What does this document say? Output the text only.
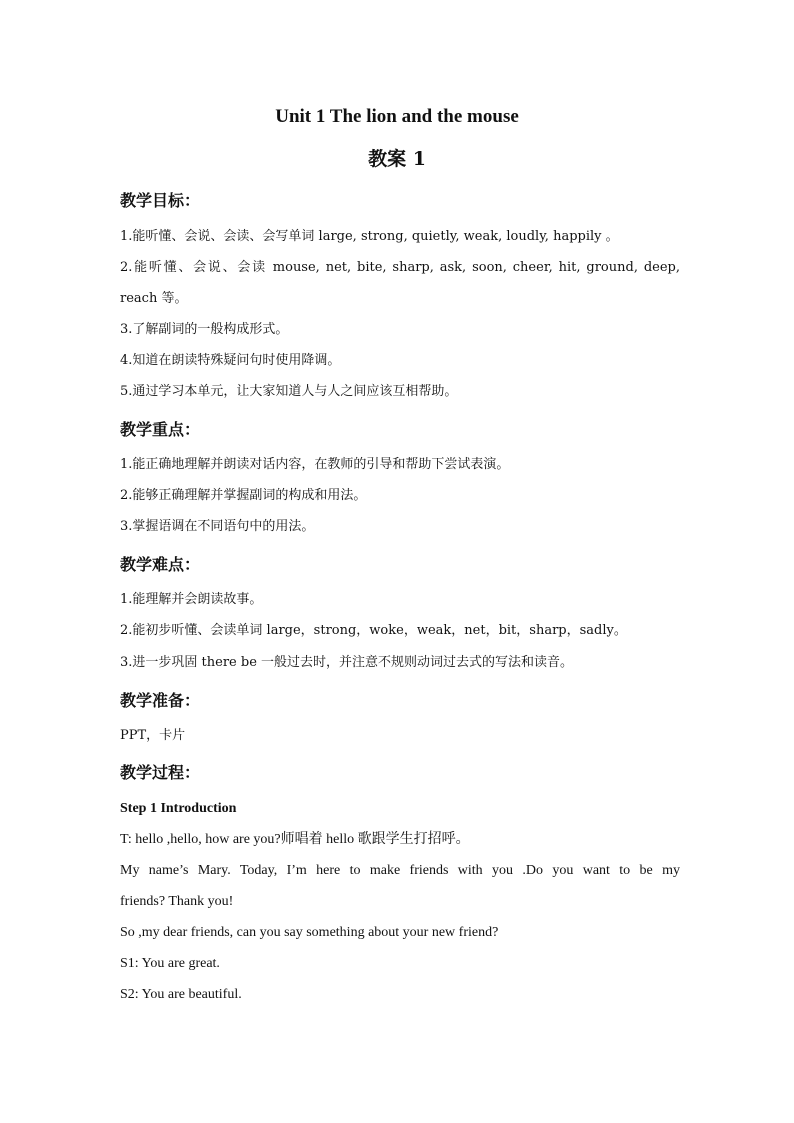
Unit 1 The lion and the mouse
教案 1
教学目标：
1.能听懂、会说、会读、会写单词 large, strong, quietly, weak, loudly, happily 。
2.能听懂、会说、会读 mouse, net, bite, sharp, ask, soon, cheer, hit, ground, deep,
reach 等。
3.了解副词的一般构成形式。
4.知道在朗读特殊疑问句时使用降调。
5.通过学习本单元，让大家知道人与人之间应该互相帮助。
教学重点：
1.能正确地理解并朗读对话内容，在教师的引导和帮助下尝试表演。
2.能够正确理解并掌握副词的构成和用法。
3.掌握语调在不同语句中的用法。
教学难点：
1.能理解并会朗读故事。
2.能初步听懂、会读单词 large，strong，woke，weak，net，bit，sharp，sadly。
3.进一步巩固 there be 一般过去时，并注意不规则动词过去式的写法和读音。
教学准备：
PPT，卡片
教学过程：
Step 1 Introduction
T: hello ,hello, how are you?师唱着 hello 歌跟学生打招呼。
My name’s Mary. Today, I’m here to make friends with you .Do you want to be my
friends? Thank you!
So ,my dear friends, can you say something about your new friend?
S1: You are great.
S2: You are beautiful.
